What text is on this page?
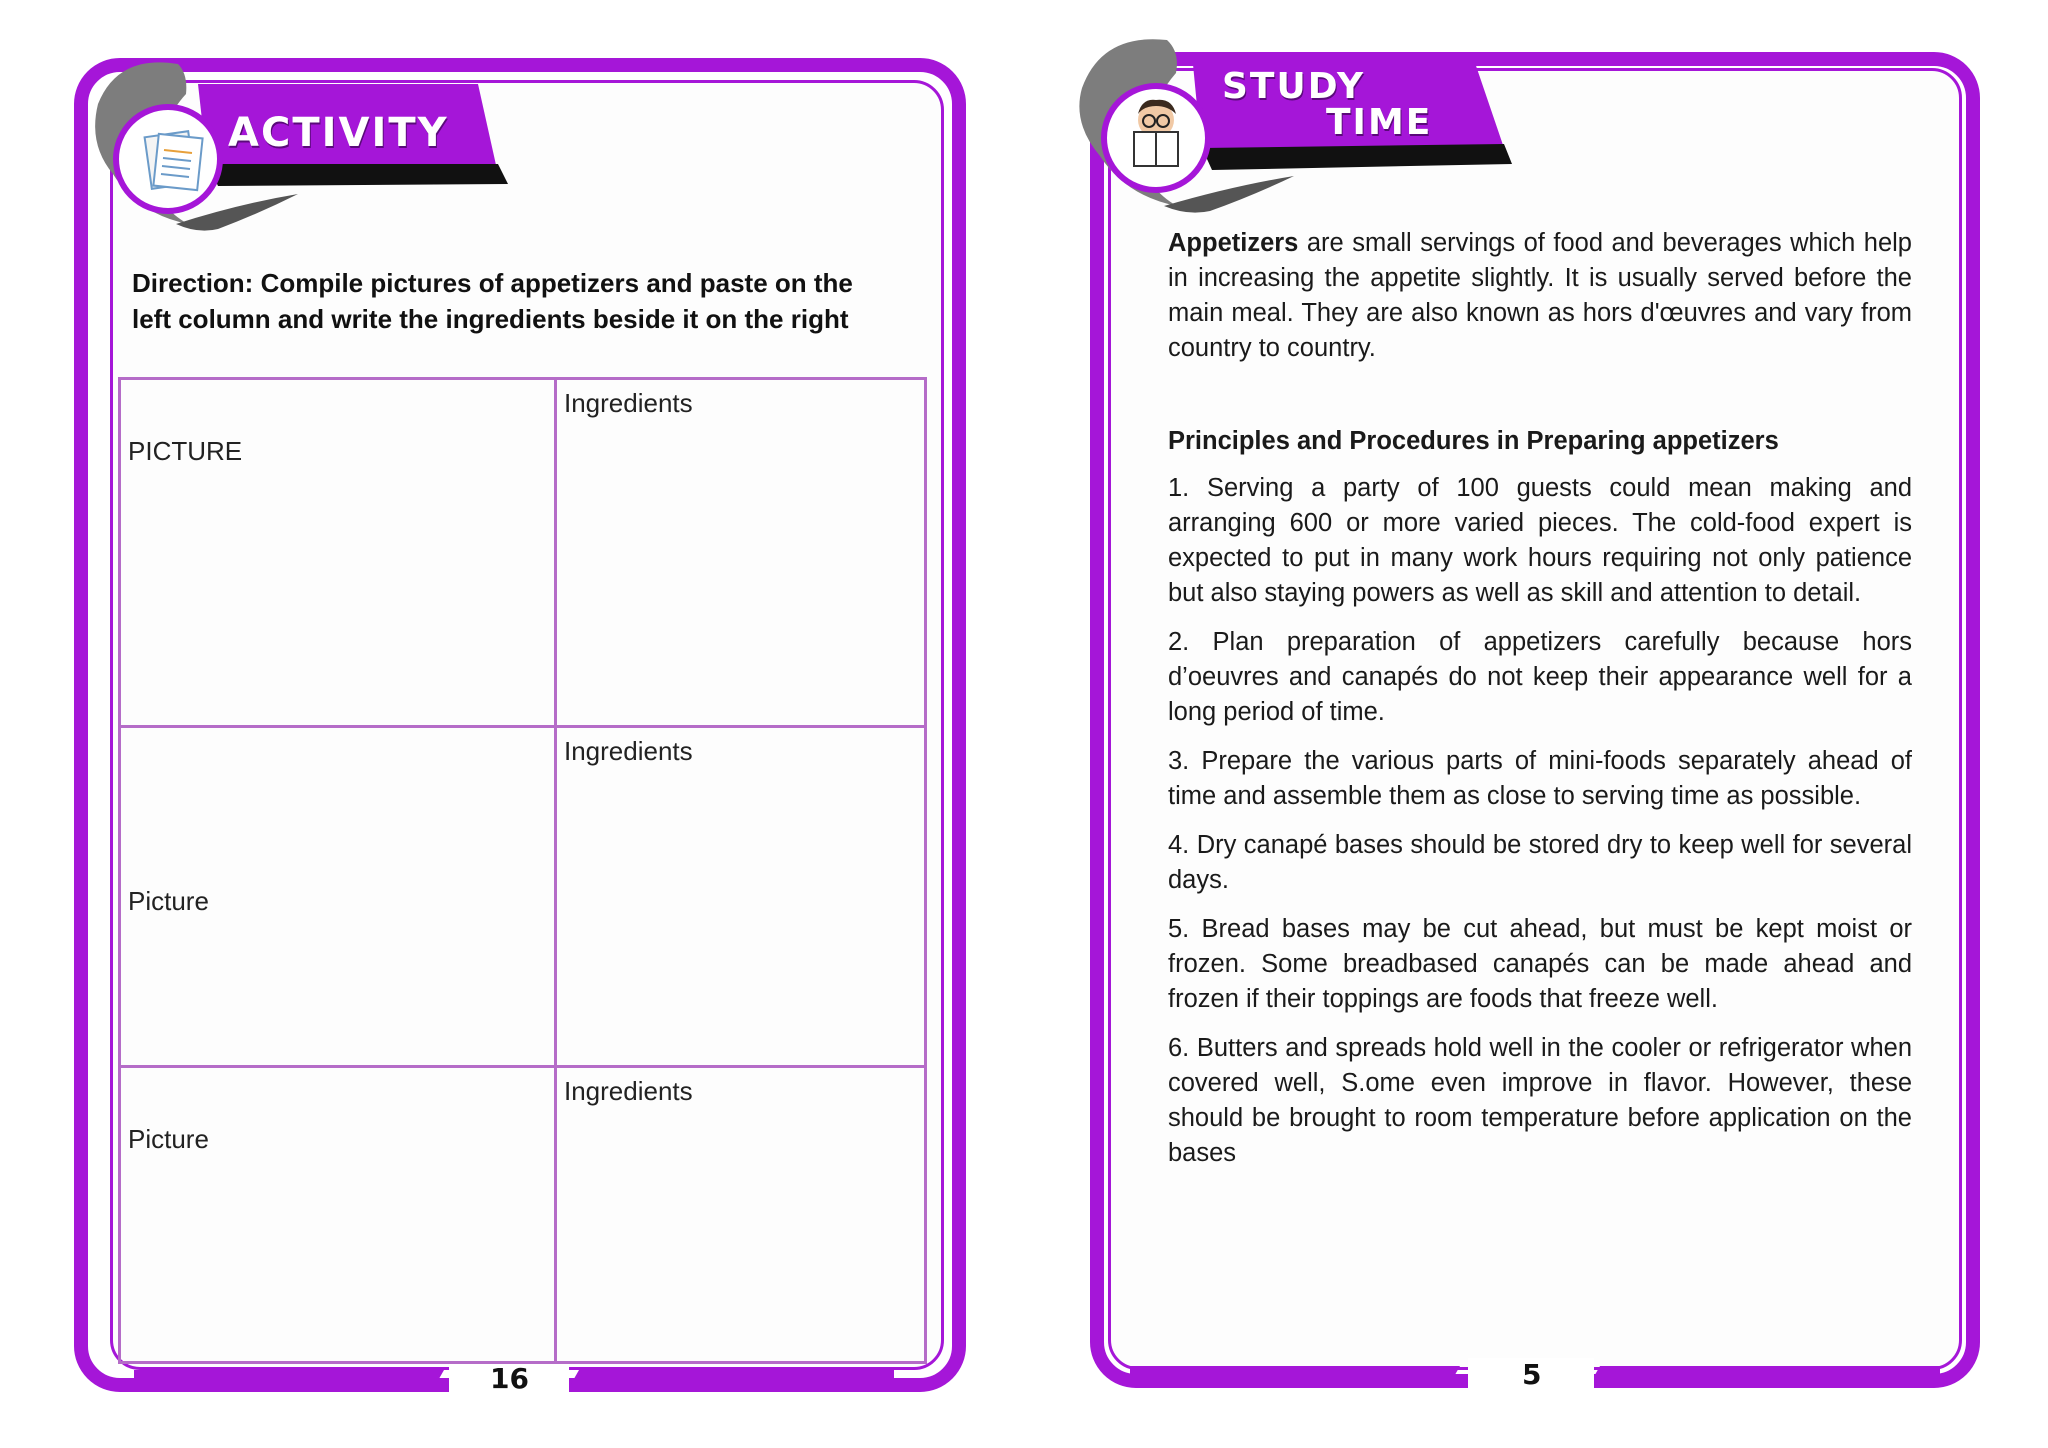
ACTIVITY
Direction: Compile pictures of appetizers and paste on the left column and write the ingredients beside it on the right
PICTURE	Ingredients

Picture	Ingredients

Picture	Ingredients
16
STUDY
TIME

Appetizers are small servings of food and beverages which help in increasing the appetite slightly. It is usually served before the main meal. They are also known as hors d'œuvres and vary from country to country.

Principles and Procedures in Preparing appetizers

1. Serving a party of 100 guests could mean making and arranging 600 or more varied pieces. The cold-food expert is expected to put in many work hours requiring not only patience but also staying powers as well as skill and attention to detail.

2. Plan preparation of appetizers carefully because hors d’oeuvres and canapés do not keep their appearance well for a long period of time.

3. Prepare the various parts of mini-foods separately ahead of time and assemble them as close to serving time as possible.

4. Dry canapé bases should be stored dry to keep well for several days.

5. Bread bases may be cut ahead, but must be kept moist or frozen. Some breadbased canapés can be made ahead and frozen if their toppings are foods that freeze well.

6. Butters and spreads hold well in the cooler or refrigerator when covered well, S.ome even improve in flavor. However, these should be brought to room temperature before application on the bases

5
